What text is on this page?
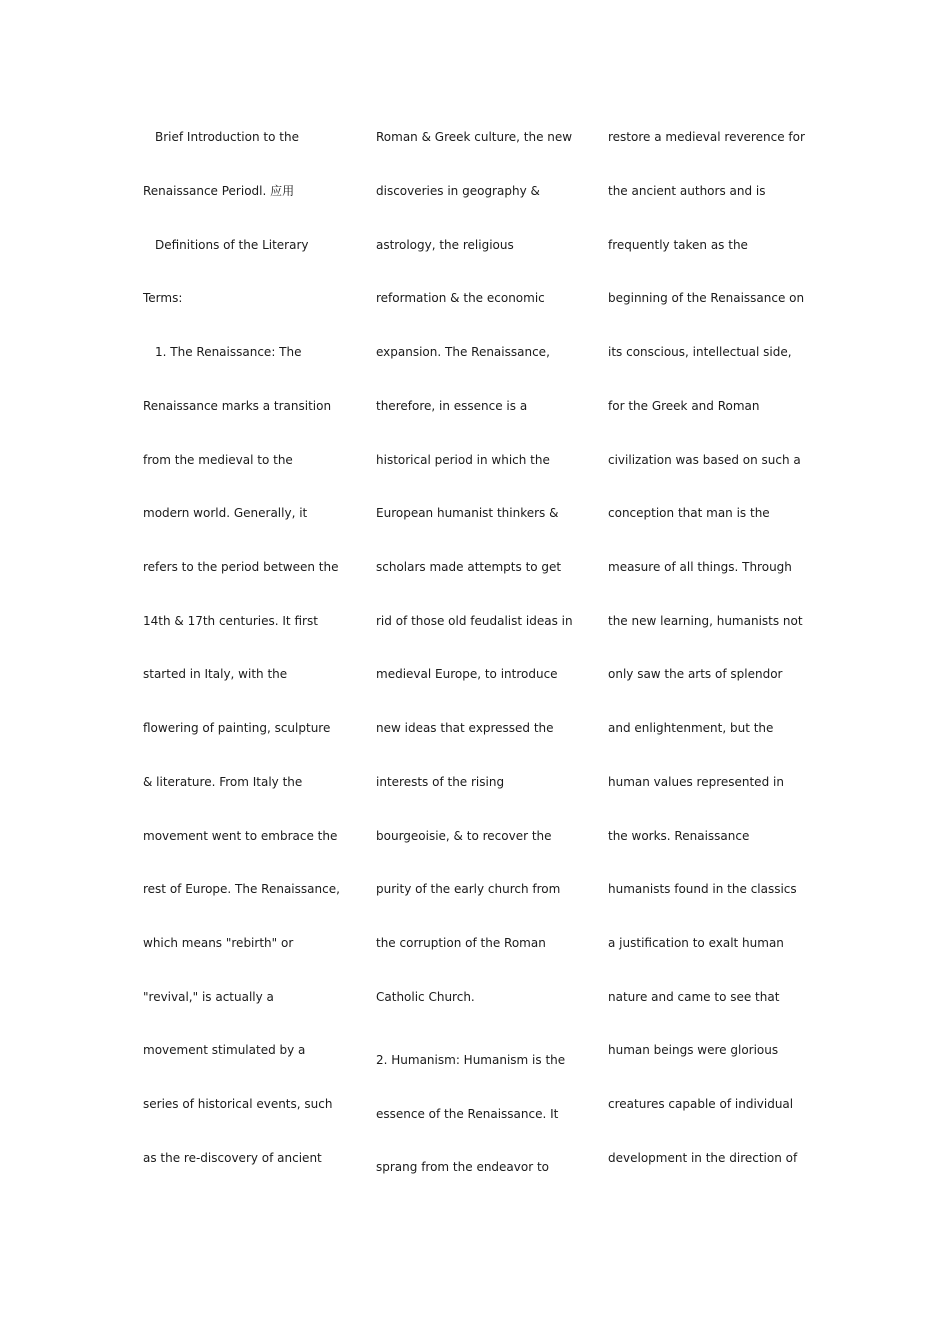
Brief Introduction to the
Renaissance Periodl. 应用
Definitions of the Literary
Terms:
1. The Renaissance: The
Renaissance marks a transition
from the medieval to the
modern world. Generally, it
refers to the period between the
14th & 17th centuries. It first
started in Italy, with the
flowering of painting, sculpture
& literature. From Italy the
movement went to embrace the
rest of Europe. The Renaissance,
which means "rebirth" or
"revival," is actually a
movement stimulated by a
series of historical events, such
as the re-discovery of ancient
Roman & Greek culture, the new
discoveries in geography &
astrology, the religious
reformation & the economic
expansion. The Renaissance,
therefore, in essence is a
historical period in which the
European humanist thinkers &
scholars made attempts to get
rid of those old feudalist ideas in
medieval Europe, to introduce
new ideas that expressed the
interests of the rising
bourgeoisie, & to recover the
purity of the early church from
the corruption of the Roman
Catholic Church.
2. Humanism: Humanism is the
essence of the Renaissance. It
sprang from the endeavor to
restore a medieval reverence for
the ancient authors and is
frequently taken as the
beginning of the Renaissance on
its conscious, intellectual side,
for the Greek and Roman
civilization was based on such a
conception that man is the
measure of all things. Through
the new learning, humanists not
only saw the arts of splendor
and enlightenment, but the
human values represented in
the works. Renaissance
humanists found in the classics
a justification to exalt human
nature and came to see that
human beings were glorious
creatures capable of individual
development in the direction of
